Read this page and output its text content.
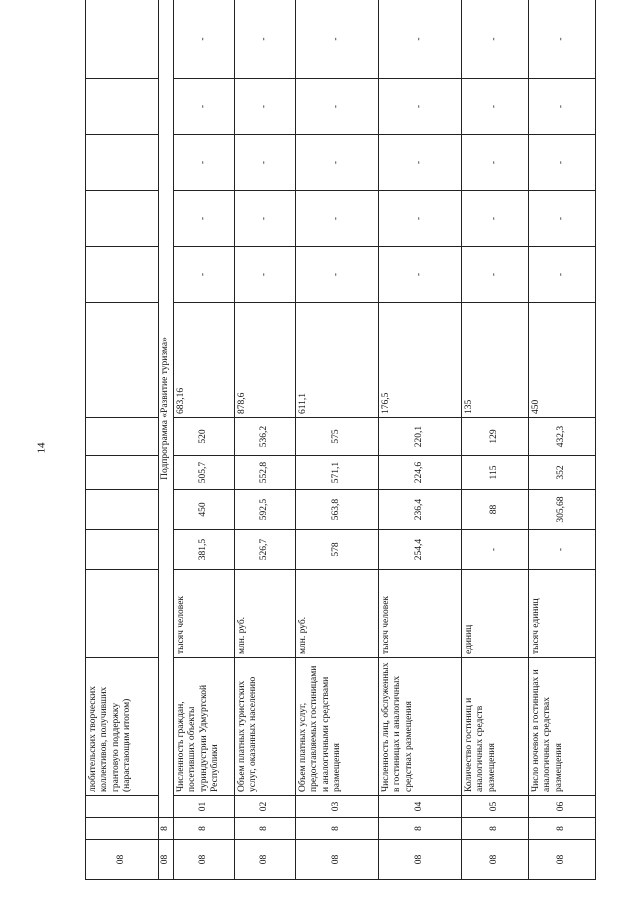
14
08			любительских творческих коллективов, получивших грантовую поддержку (нарастающим итогом)											
08	8	Подпрограмма «Развитие туризма»												
08	8	01	Численность граждан, посетивших объекты туриндустрии Удмуртской Республики	тысяч человек	381,5	450	505,7	520	683,16	-	-	-	-	-
08	8	02	Объем платных туристских услуг, оказанных населению	млн. руб.	526,7	592,5	552,8	536,2	878,6	-	-	-	-	-
08	8	03	Объем платных услуг, предоставляемых гостиницами и аналогичными средствами размещения	млн. руб.	578	563,8	571,1	575	611,1	-	-	-	-	-
08	8	04	Численность лиц, обслуженных в гостиницах и аналогичных средствах размещения	тысяч человек	254,4	236,4	224,6	220,1	176,5	-	-	-	-	-
08	8	05	Количество гостиниц и аналогичных средств размещения	единиц	-	88	115	129	135	-	-	-	-	-
08	8	06	Число ночевок в гостиницах и аналогичных средствах размещения	тысяч единиц	-	305,68	352	432,3	450	-	-	-	-	-
